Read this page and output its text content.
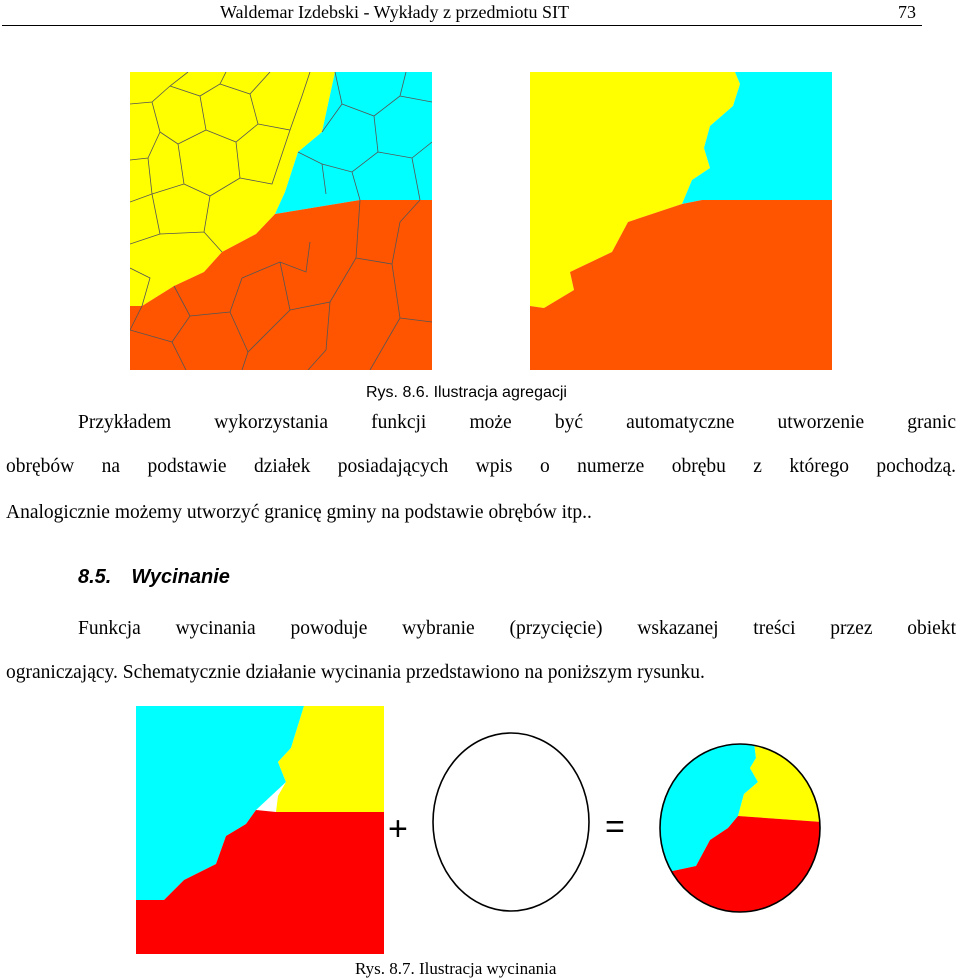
Waldemar Izdebski - Wykłady z przedmiotu SIT	73
Rys. 8.6. Ilustracja agregacji
Przykładem wykorzystania funkcji może być automatyczne utworzenie granic
obrębów na podstawie działek posiadających wpis o numerze obrębu z którego pochodzą.
Analogicznie możemy utworzyć granicę gminy na podstawie obrębów itp..
8.5. Wycinanie
Funkcja wycinania powoduje wybranie (przycięcie) wskazanej treści przez obiekt
ograniczający. Schematycznie działanie wycinania przedstawiono na poniższym rysunku.
+	=
Rys. 8.7. Ilustracja wycinania
